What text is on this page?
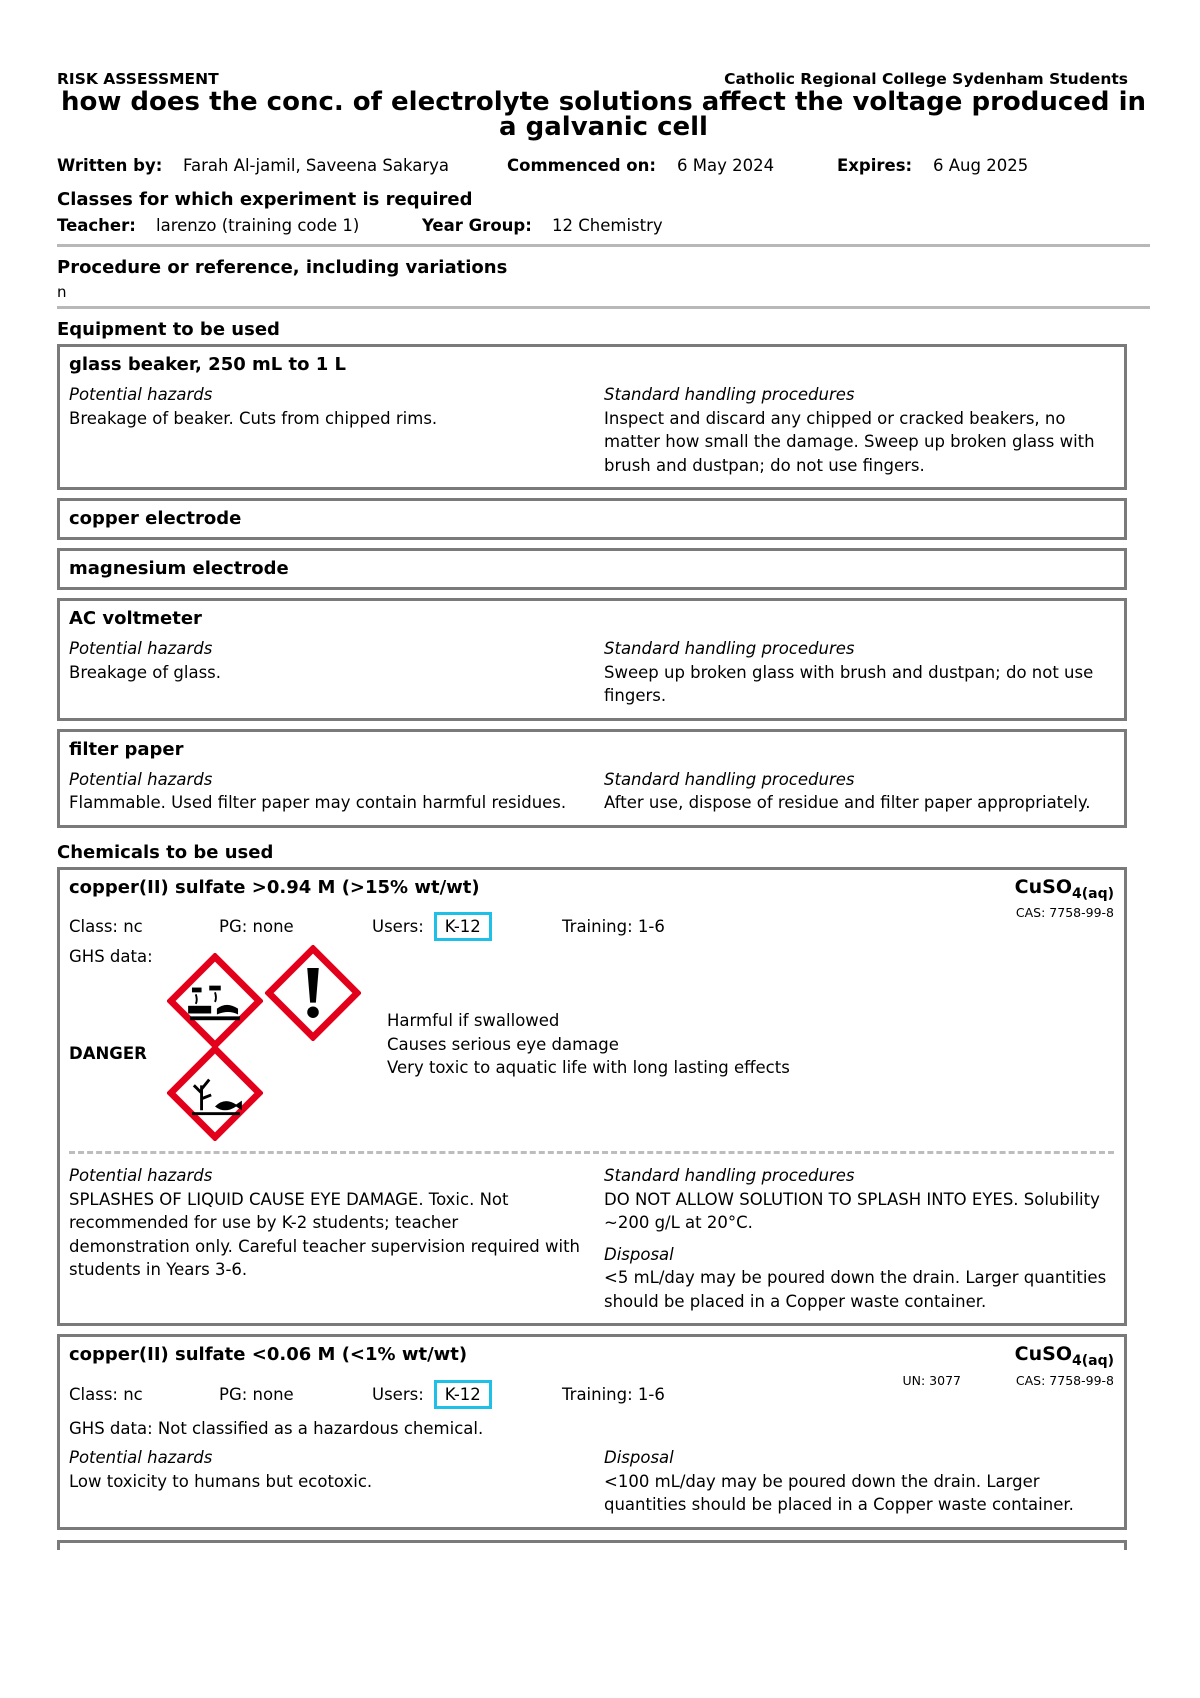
RISK ASSESSMENT	Catholic Regional College Sydenham Students
how does the conc. of electrolyte solutions affect the voltage produced in a galvanic cell
Written by:	Farah Al-jamil, Saveena Sakarya	Commenced on:	6 May 2024	Expires:	6 Aug 2025
Classes for which experiment is required
Teacher:	larenzo (training code 1)	Year Group:	12 Chemistry
Procedure or reference, including variations
n
Equipment to be used
glass beaker, 250 mL to 1 L
Potential hazards
Breakage of beaker. Cuts from chipped rims.
Standard handling procedures
Inspect and discard any chipped or cracked beakers, no matter how small the damage. Sweep up broken glass with brush and dustpan; do not use fingers.
copper electrode
magnesium electrode
AC voltmeter
Potential hazards
Breakage of glass.
Standard handling procedures
Sweep up broken glass with brush and dustpan; do not use fingers.
filter paper
Potential hazards
Flammable. Used filter paper may contain harmful residues.
Standard handling procedures
After use, dispose of residue and filter paper appropriately.
Chemicals to be used
copper(II) sulfate >0.94 M (>15% wt/wt)	CuSO$_{4(aq)}$
Class: nc	PG: none	Users:	K-12	Training: 1-6
CAS: 7758-99-8
GHS data:
DANGER
Harmful if swallowed
Causes serious eye damage
Very toxic to aquatic life with long lasting effects
Potential hazards
SPLASHES OF LIQUID CAUSE EYE DAMAGE. Toxic. Not recommended for use by K-2 students; teacher demonstration only. Careful teacher supervision required with students in Years 3-6.
Standard handling procedures
DO NOT ALLOW SOLUTION TO SPLASH INTO EYES. Solubility ~200 g/L at 20°C.
Disposal
<5 mL/day may be poured down the drain. Larger quantities should be placed in a Copper waste container.
copper(II) sulfate <0.06 M (<1% wt/wt)	CuSO$_{4(aq)}$
Class: nc	PG: none	Users:	K-12	Training: 1-6
UN: 3077	CAS: 7758-99-8
GHS data: Not classified as a hazardous chemical.
Potential hazards
Low toxicity to humans but ecotoxic.
Disposal
<100 mL/day may be poured down the drain. Larger quantities should be placed in a Copper waste container.
